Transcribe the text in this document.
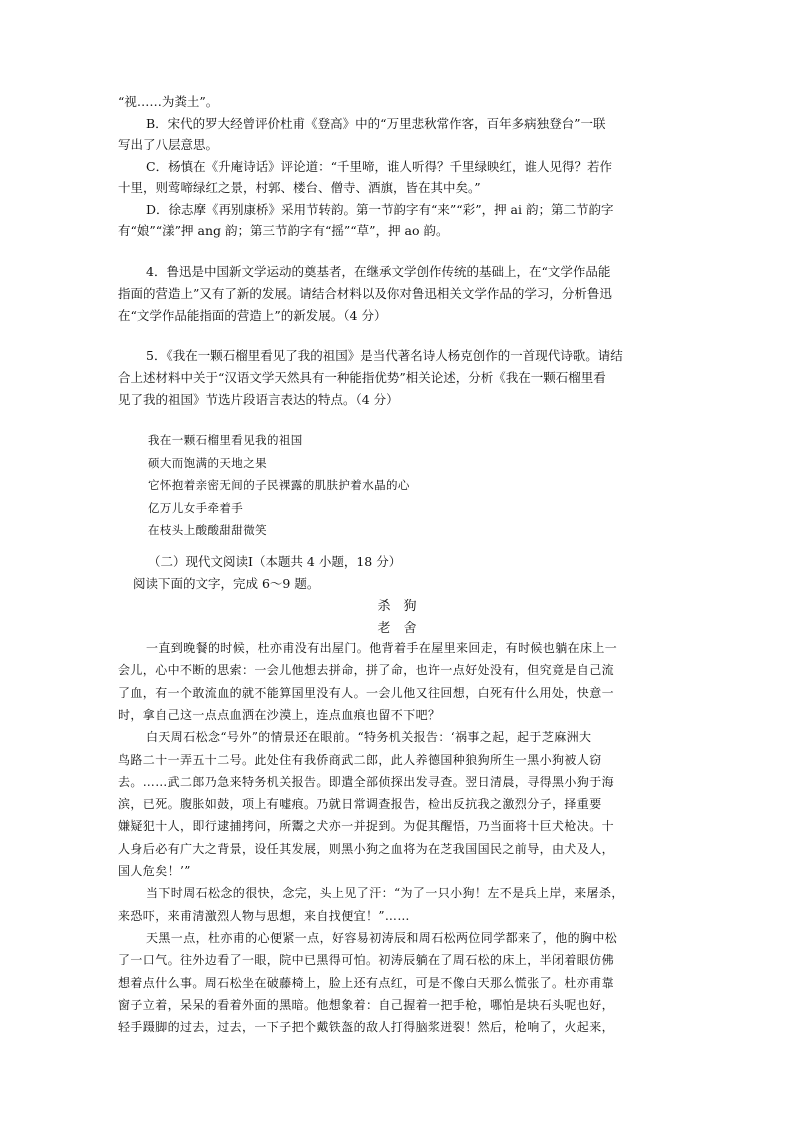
“视……为粪土”。
B．宋代的罗大经曾评价杜甫《登高》中的“万里悲秋常作客，百年多病独登台”一联
写出了八层意思。
C．杨慎在《升庵诗话》评论道：“千里啼，谁人听得？千里绿映红，谁人见得？若作
十里，则莺啼绿红之景，村郭、楼台、僧寺、酒旗，皆在其中矣。”
D．徐志摩《再别康桥》采用节转韵。第一节韵字有“来”“彩”，押 ai 韵；第二节韵字
有“娘”“漾”押 ang 韵；第三节韵字有“摇”“草”，押 ao 韵。
4．鲁迅是中国新文学运动的奠基者，在继承文学创作传统的基础上，在“文学作品能
指面的营造上”又有了新的发展。请结合材料以及你对鲁迅相关文学作品的学习，分析鲁迅
在“文学作品能指面的营造上”的新发展。（4 分）
5．《我在一颗石榴里看见了我的祖国》是当代著名诗人杨克创作的一首现代诗歌。请结
合上述材料中关于“汉语文学天然具有一种能指优势”相关论述，分析《我在一颗石榴里看
见了我的祖国》节选片段语言表达的特点。（4 分）
我在一颗石榴里看见我的祖国
硕大而饱满的天地之果
它怀抱着亲密无间的子民裸露的肌肤护着水晶的心
亿万儿女手牵着手
在枝头上酸酸甜甜微笑
（二）现代文阅读Ⅰ（本题共 4 小题，18 分）
阅读下面的文字，完成 6～9 题。
杀　狗
老　舍
一直到晚餐的时候，杜亦甫没有出屋门。他背着手在屋里来回走，有时候也躺在床上一
会儿，心中不断的思索：一会儿他想去拼命，拼了命，也许一点好处没有，但究竟是自己流
了血，有一个敢流血的就不能算国里没有人。一会儿他又往回想，白死有什么用处，快意一
时，拿自己这一点点血洒在沙漠上，连点血痕也留不下吧？
白天周石松念“号外”的情景还在眼前。“特务机关报告：‘祸事之起，起于芝麻洲大
鸟路二十一弄五十二号。此处住有我侨商武二郎，此人养德国种狼狗所生一黑小狗被人窃
去。……武二郎乃急来特务机关报告。即遣全部侦探出发寻查。翌日清晨，寻得黑小狗于海
滨，已死。腹胀如鼓，项上有嘘痕。乃就日常调查报告，检出反抗我之激烈分子，择重要
嫌疑犯十人，即行逮捕拷问，所鬻之犬亦一并捉到。为促其醒悟，乃当面将十巨犬枪决。十
人身后必有广大之背景，设任其发展，则黑小狗之血将为在芝我国国民之前导，由犬及人，
国人危矣！’”
当下时周石松念的很快，念完，头上见了汗：“为了一只小狗！左不是兵上岸，来屠杀，
来恐吓，来甫清激烈人物与思想，来自找便宜！”……
天黑一点，杜亦甫的心便紧一点，好容易初涛辰和周石松两位同学都来了，他的胸中松
了一口气。往外边看了一眼，院中已黑得可怕。初涛辰躺在了周石松的床上，半闭着眼仿佛
想着点什么事。周石松坐在破藤椅上，脸上还有点红，可是不像白天那么慌张了。杜亦甫靠
窗子立着，呆呆的看着外面的黑暗。他想象着：自己握着一把手枪，哪怕是块石头呢也好，
轻手蹑脚的过去，过去，一下子把个戴铁盔的敌人打得脑浆迸裂！然后，枪响了，火起来，
